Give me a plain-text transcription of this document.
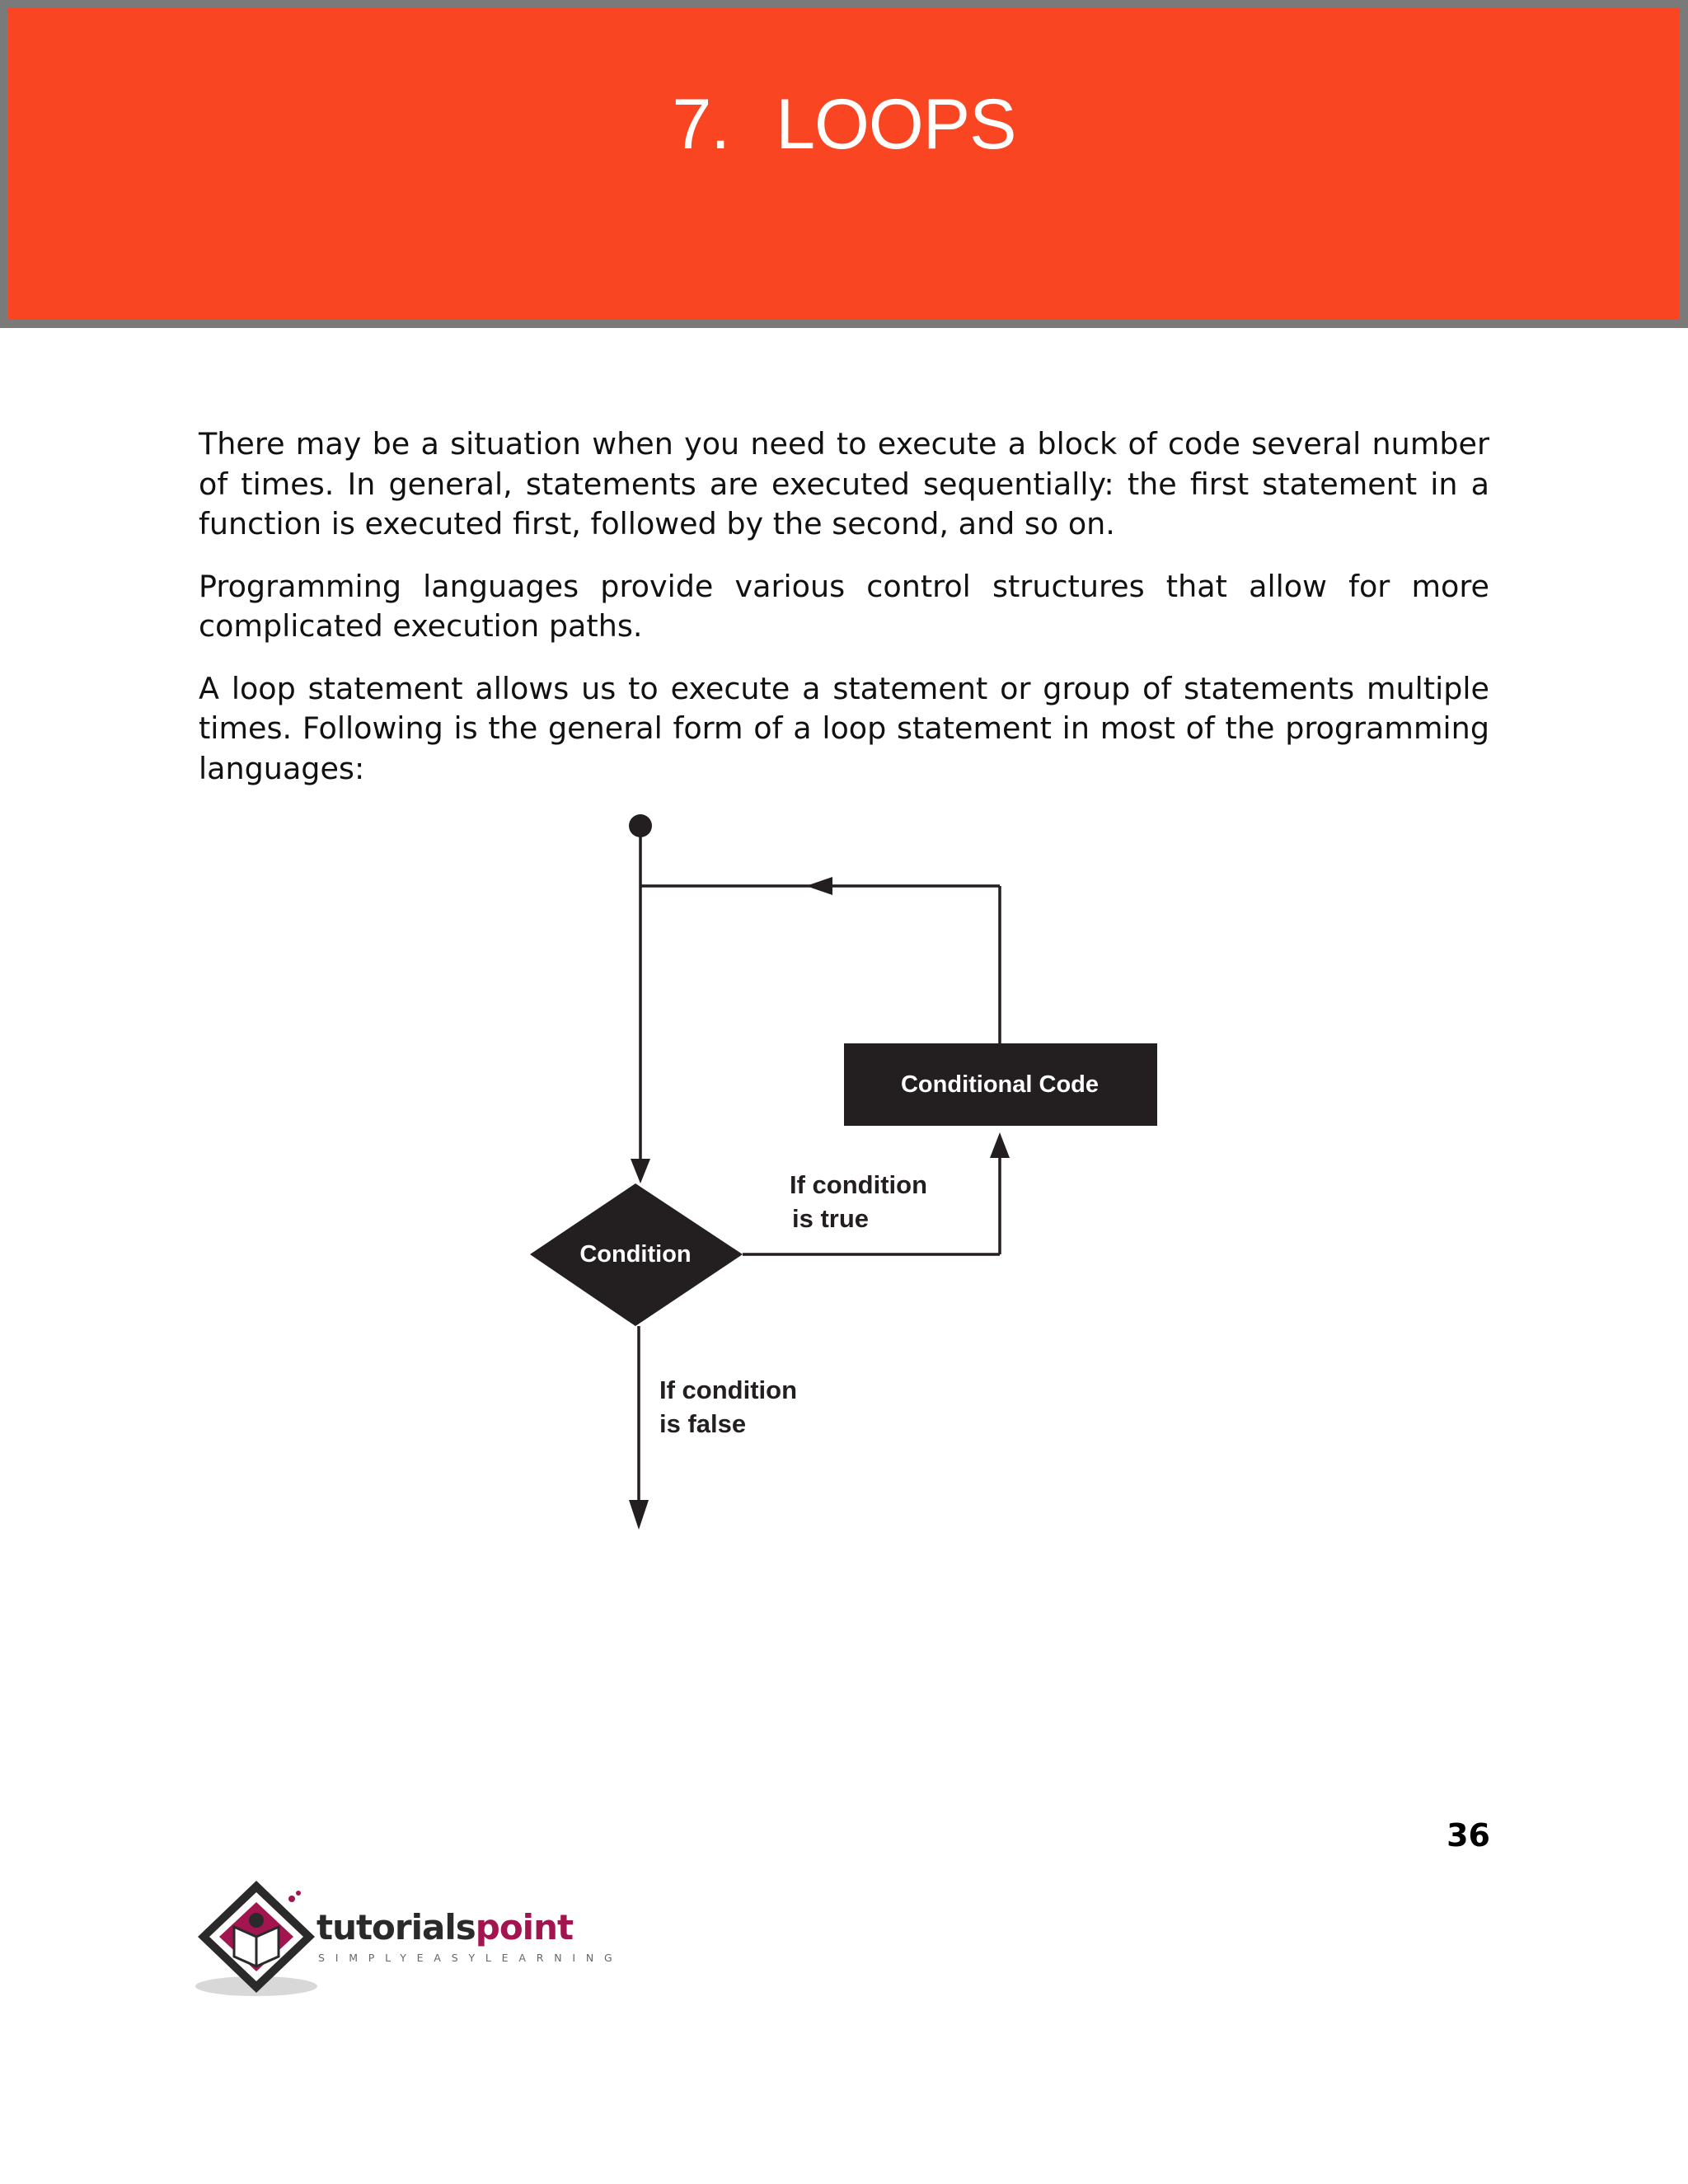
7. LOOPS

There may be a situation when you need to execute a block of code several number of times. In general, statements are executed sequentially: the first statement in a function is executed first, followed by the second, and so on.

Programming languages provide various control structures that allow for more complicated execution paths.

A loop statement allows us to execute a statement or group of statements multiple times. Following is the general form of a loop statement in most of the programming languages:

Conditional Code
Condition
If condition
is true
If condition
is false
36
tutorialspoint
SIMPLYEASYLEARNING
